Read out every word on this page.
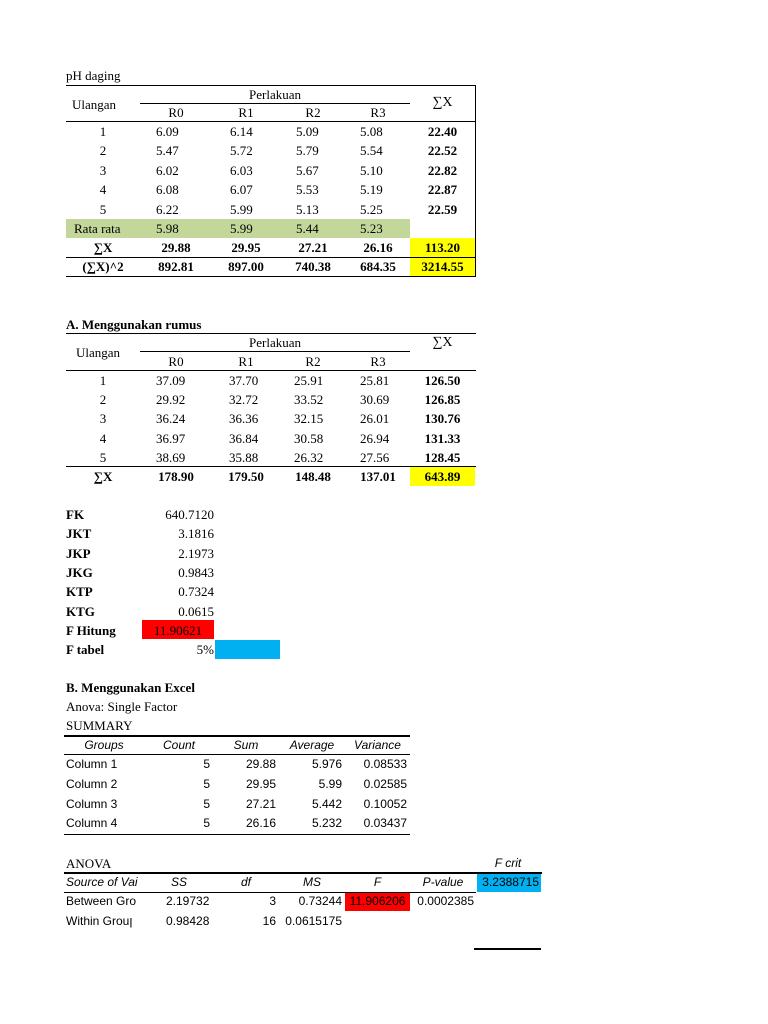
pH daging
Ulangan
Perlakuan
∑X
R0	R1	R2	R3
1	6.09	6.14	5.09	5.08	22.40
2	5.47	5.72	5.79	5.54	22.52
3	6.02	6.03	5.67	5.10	22.82
4	6.08	6.07	5.53	5.19	22.87
5	6.22	5.99	5.13	5.25	22.59
Rata rata	5.98	5.99	5.44	5.23
∑X	29.88	29.95	27.21	26.16	113.20
(∑X)^2	892.81	897.00	740.38	684.35	3214.55
A. Menggunakan rumus
Ulangan
Perlakuan	∑X
R0	R1	R2	R3
1	37.09	37.70	25.91	25.81	126.50
2	29.92	32.72	33.52	30.69	126.85
3	36.24	36.36	32.15	26.01	130.76
4	36.97	36.84	30.58	26.94	131.33
5	38.69	35.88	26.32	27.56	128.45
∑X	178.90	179.50	148.48	137.01	643.89
FK	640.7120
JKT	3.1816
JKP	2.1973
JKG	0.9843
KTP	0.7324
KTG	0.0615
F Hitung	11.90621
F tabel	5%
B. Menggunakan Excel
Anova: Single Factor
SUMMARY
Groups	Count	Sum	Average	Variance
Column 1	5	29.88	5.976	0.08533
Column 2	5	29.95	5.99	0.02585
Column 3	5	27.21	5.442	0.10052
Column 4	5	26.16	5.232	0.03437
ANOVA	F crit
Source of Vai	SS	df	MS	F	P-value	3.2388715
Between Gro	2.19732	3	0.73244 11.906206 0.0002385
Within Grouן	0.98428	16 0.0615175
